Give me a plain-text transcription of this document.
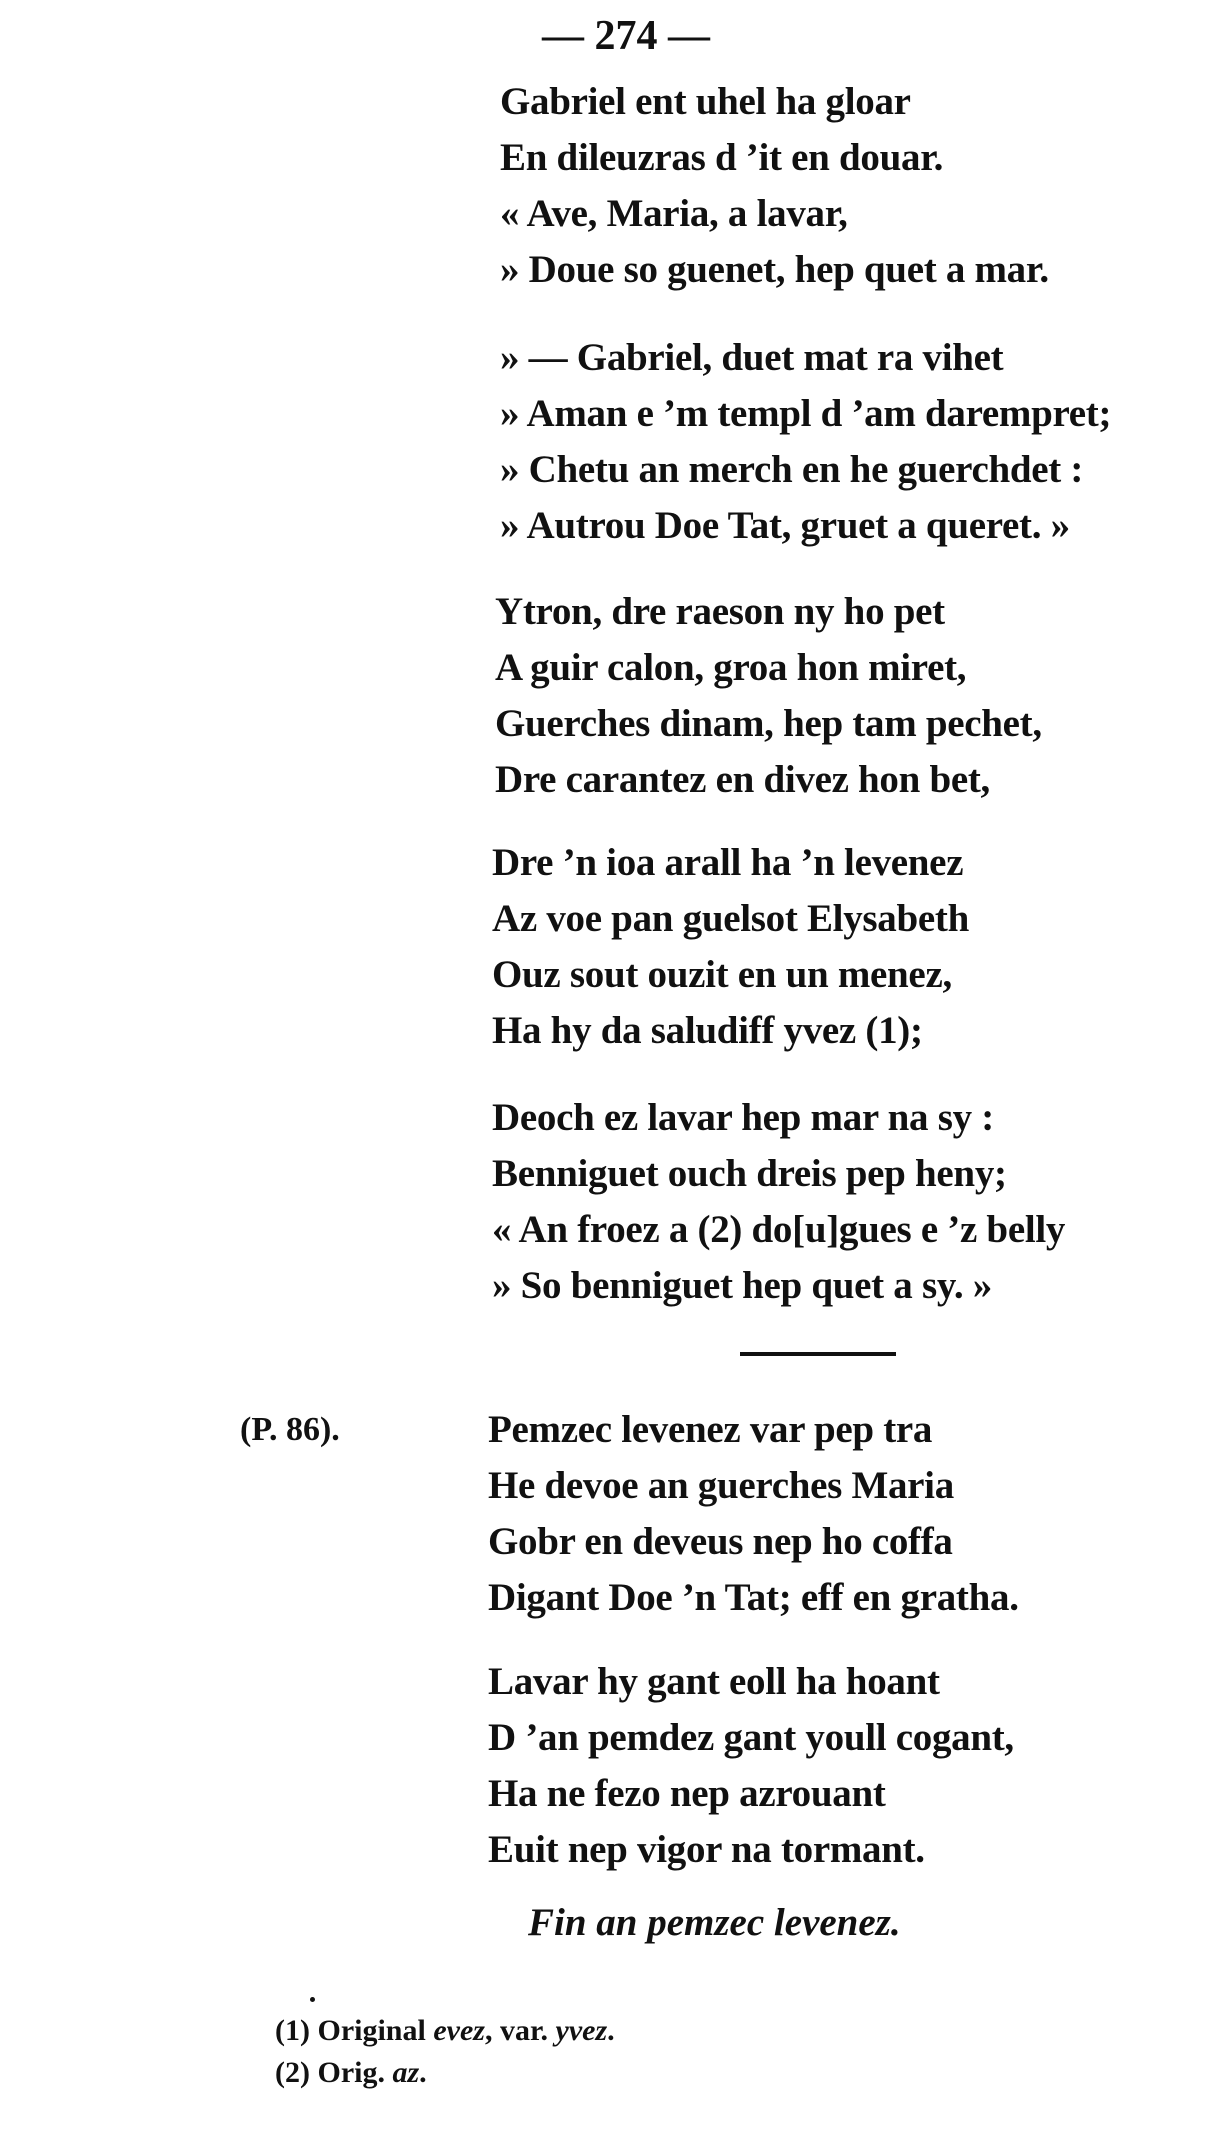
— 274 —
Gabriel ent uhel ha gloar
En dileuzras d ’it en douar.
« Ave, Maria, a lavar,
» Doue so guenet, hep quet a mar.
» — Gabriel, duet mat ra vihet
» Aman e ’m templ d ’am darempret;
» Chetu an merch en he guerchdet :
» Autrou Doe Tat, gruet a queret. »
Ytron, dre raeson ny ho pet
A guir calon, groa hon miret,
Guerches dinam, hep tam pechet,
Dre carantez en divez hon bet,
Dre ’n ioa arall ha ’n levenez
Az voe pan guelsot Elysabeth
Ouz sout ouzit en un menez,
Ha hy da saludiff yvez (1);
Deoch ez lavar hep mar na sy :
Benniguet ouch dreis pep heny;
« An froez a (2) do[u]gues e ’z belly
» So benniguet hep quet a sy. »
(P. 86).	Pemzec levenez var pep tra
He devoe an guerches Maria
Gobr en deveus nep ho coffa
Digant Doe ’n Tat; eff en gratha.
Lavar hy gant eoll ha hoant
D ’an pemdez gant youll cogant,
Ha ne fezo nep azrouant
Euit nep vigor na tormant.
Fin an pemzec levenez.
(1) Original evez, var. yvez.
(2) Orig. az.
